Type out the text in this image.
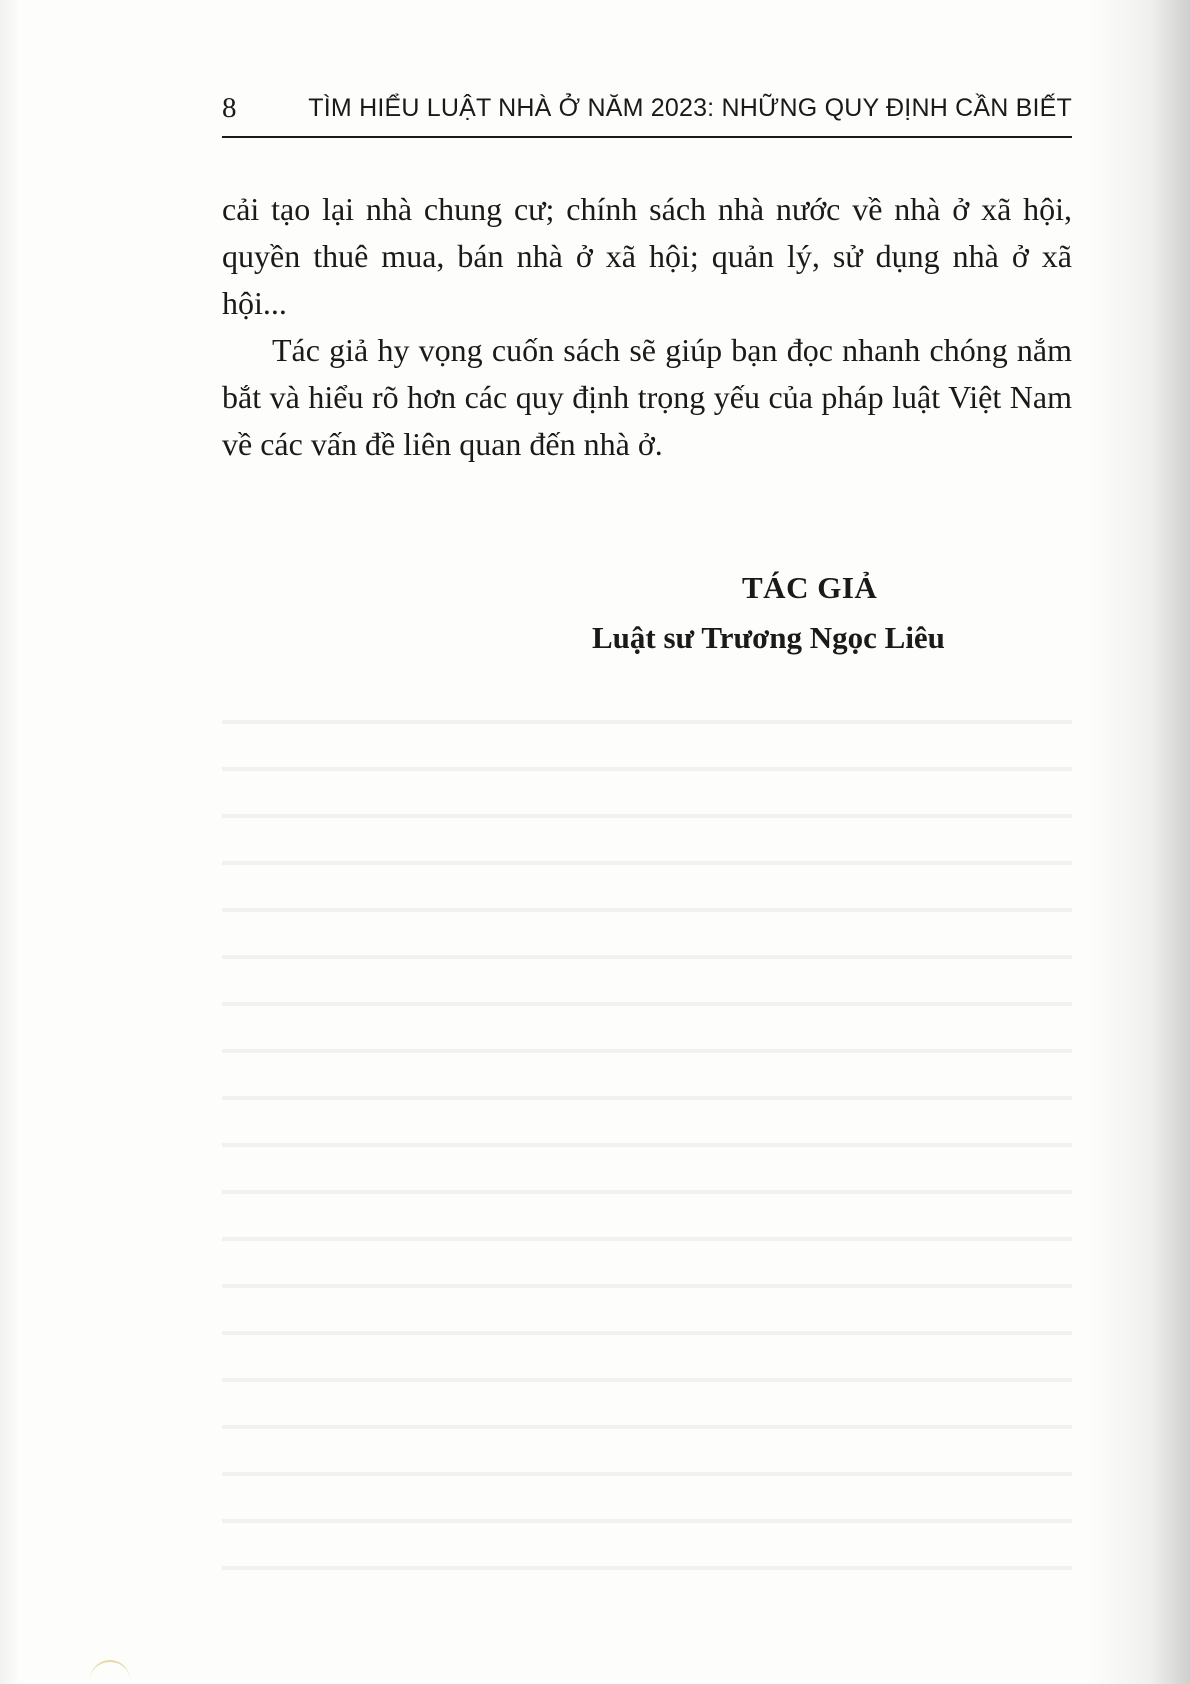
8	TÌM HIỂU LUẬT NHÀ Ở NĂM 2023: NHỮNG QUY ĐỊNH CẦN BIẾT

cải tạo lại nhà chung cư; chính sách nhà nước về nhà ở xã hội, quyền thuê mua, bán nhà ở xã hội; quản lý, sử dụng nhà ở xã hội...

Tác giả hy vọng cuốn sách sẽ giúp bạn đọc nhanh chóng nắm bắt và hiểu rõ hơn các quy định trọng yếu của pháp luật Việt Nam về các vấn đề liên quan đến nhà ở.

TÁC GIẢ
Luật sư Trương Ngọc Liêu
